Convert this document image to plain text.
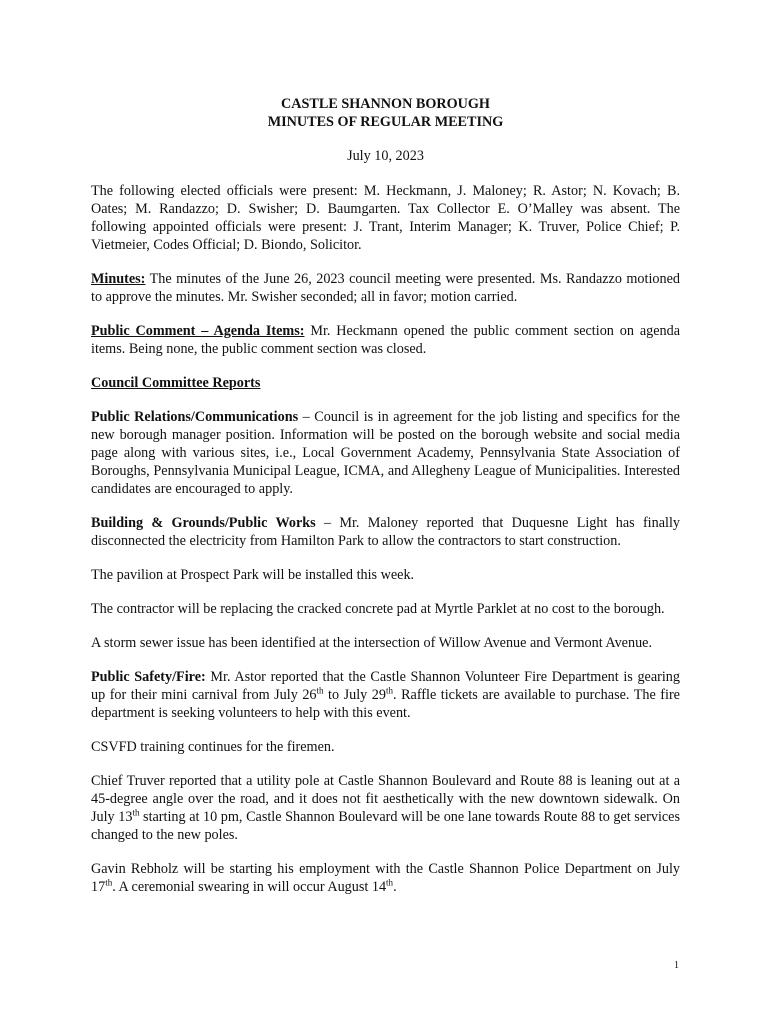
CASTLE SHANNON BOROUGH
MINUTES OF REGULAR MEETING
July 10, 2023

The following elected officials were present: M. Heckmann, J. Maloney; R. Astor; N. Kovach; B. Oates; M. Randazzo; D. Swisher; D. Baumgarten. Tax Collector E. O’Malley was absent. The following appointed officials were present: J. Trant, Interim Manager; K. Truver, Police Chief; P. Vietmeier, Codes Official; D. Biondo, Solicitor.

Minutes: The minutes of the June 26, 2023 council meeting were presented. Ms. Randazzo motioned to approve the minutes. Mr. Swisher seconded; all in favor; motion carried.

Public Comment – Agenda Items: Mr. Heckmann opened the public comment section on agenda items. Being none, the public comment section was closed.

Council Committee Reports

Public Relations/Communications – Council is in agreement for the job listing and specifics for the new borough manager position. Information will be posted on the borough website and social media page along with various sites, i.e., Local Government Academy, Pennsylvania State Association of Boroughs, Pennsylvania Municipal League, ICMA, and Allegheny League of Municipalities. Interested candidates are encouraged to apply.

Building & Grounds/Public Works – Mr. Maloney reported that Duquesne Light has finally disconnected the electricity from Hamilton Park to allow the contractors to start construction.

The pavilion at Prospect Park will be installed this week.

The contractor will be replacing the cracked concrete pad at Myrtle Parklet at no cost to the borough.

A storm sewer issue has been identified at the intersection of Willow Avenue and Vermont Avenue.

Public Safety/Fire: Mr. Astor reported that the Castle Shannon Volunteer Fire Department is gearing up for their mini carnival from July 26th to July 29th. Raffle tickets are available to purchase. The fire department is seeking volunteers to help with this event.

CSVFD training continues for the firemen.

Chief Truver reported that a utility pole at Castle Shannon Boulevard and Route 88 is leaning out at a 45-degree angle over the road, and it does not fit aesthetically with the new downtown sidewalk. On July 13th starting at 10 pm, Castle Shannon Boulevard will be one lane towards Route 88 to get services changed to the new poles.

Gavin Rebholz will be starting his employment with the Castle Shannon Police Department on July 17th. A ceremonial swearing in will occur August 14th.

1
